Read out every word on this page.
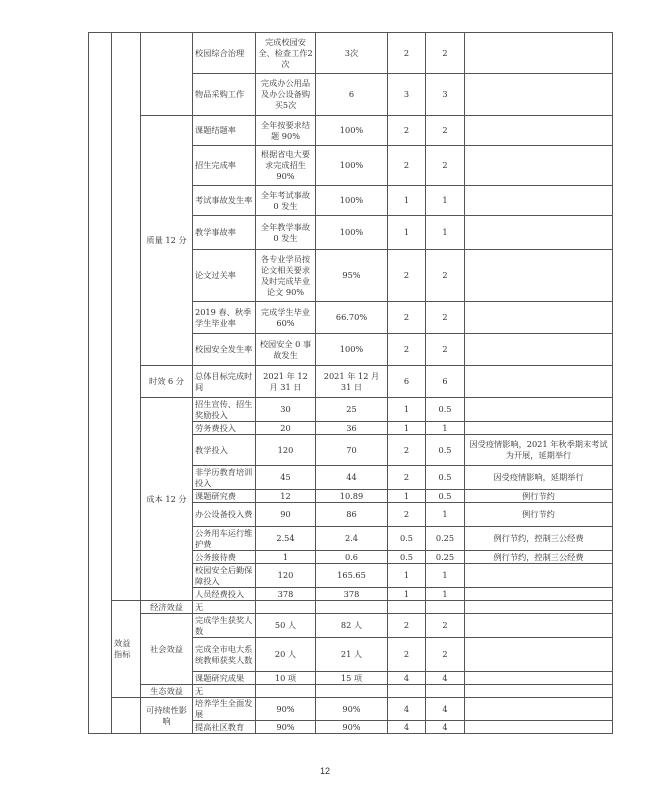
			校园综合治理	完成校园安全、检查工作2次	3次	2	2	
			物品采购工作	完成办公用品及办公设备购买5次	6	3	3	
		质量 12 分	课题结题率	全年按要求结题 90%	100%	2	2	
			招生完成率	根据省电大要求完成招生 90%	100%	2	2	
			考试事故发生率	全年考试事故 0 发生	100%	1	1	
			教学事故率	全年教学事故 0 发生	100%	1	1	
			论文过关率	各专业学员按论文相关要求及时完成毕业论文 90%	95%	2	2	
			2019 春、秋季学生毕业率	完成学生毕业 60%	66.70%	2	2	
			校园安全发生率	校园安全 0 事故发生	100%	2	2	
		时效 6 分	总体目标完成时间	2021 年 12 月 31 日	2021 年 12 月 31 日	6	6	
		成本 12 分	招生宣传、招生奖励投入	30	25	1	0.5	
			劳务费投入	20	36	1	1	
			教学投入	120	70	2	0.5	因受疫情影响，2021 年秋季期末考试为开展，延期举行
			非学历教育培训投入	45	44	2	0.5	因受疫情影响，延期举行
			课题研究费	12	10.89	1	0.5	例行节约
			办公设备投入费	90	86	2	1	例行节约
			公务用车运行维护费	2.54	2.4	0.5	0.25	例行节约，控制三公经费
			公务接待费	1	0.6	0.5	0.25	例行节约，控制三公经费
			校园安全后勤保障投入	120	165.65	1	1	
			人员经费投入	378	378	1	1	
	效益指标	经济效益	无					
		社会效益	完成学生获奖人数	50 人	82 人	2	2	
			完成全市电大系统教师获奖人数	20 人	21 人	2	2	
			课题研究成果	10 项	15 项	4	4	
		生态效益	无					
		可持续性影响	培养学生全面发展	90%	90%	4	4	
			提高社区教育	90%	90%	4	4	
12
